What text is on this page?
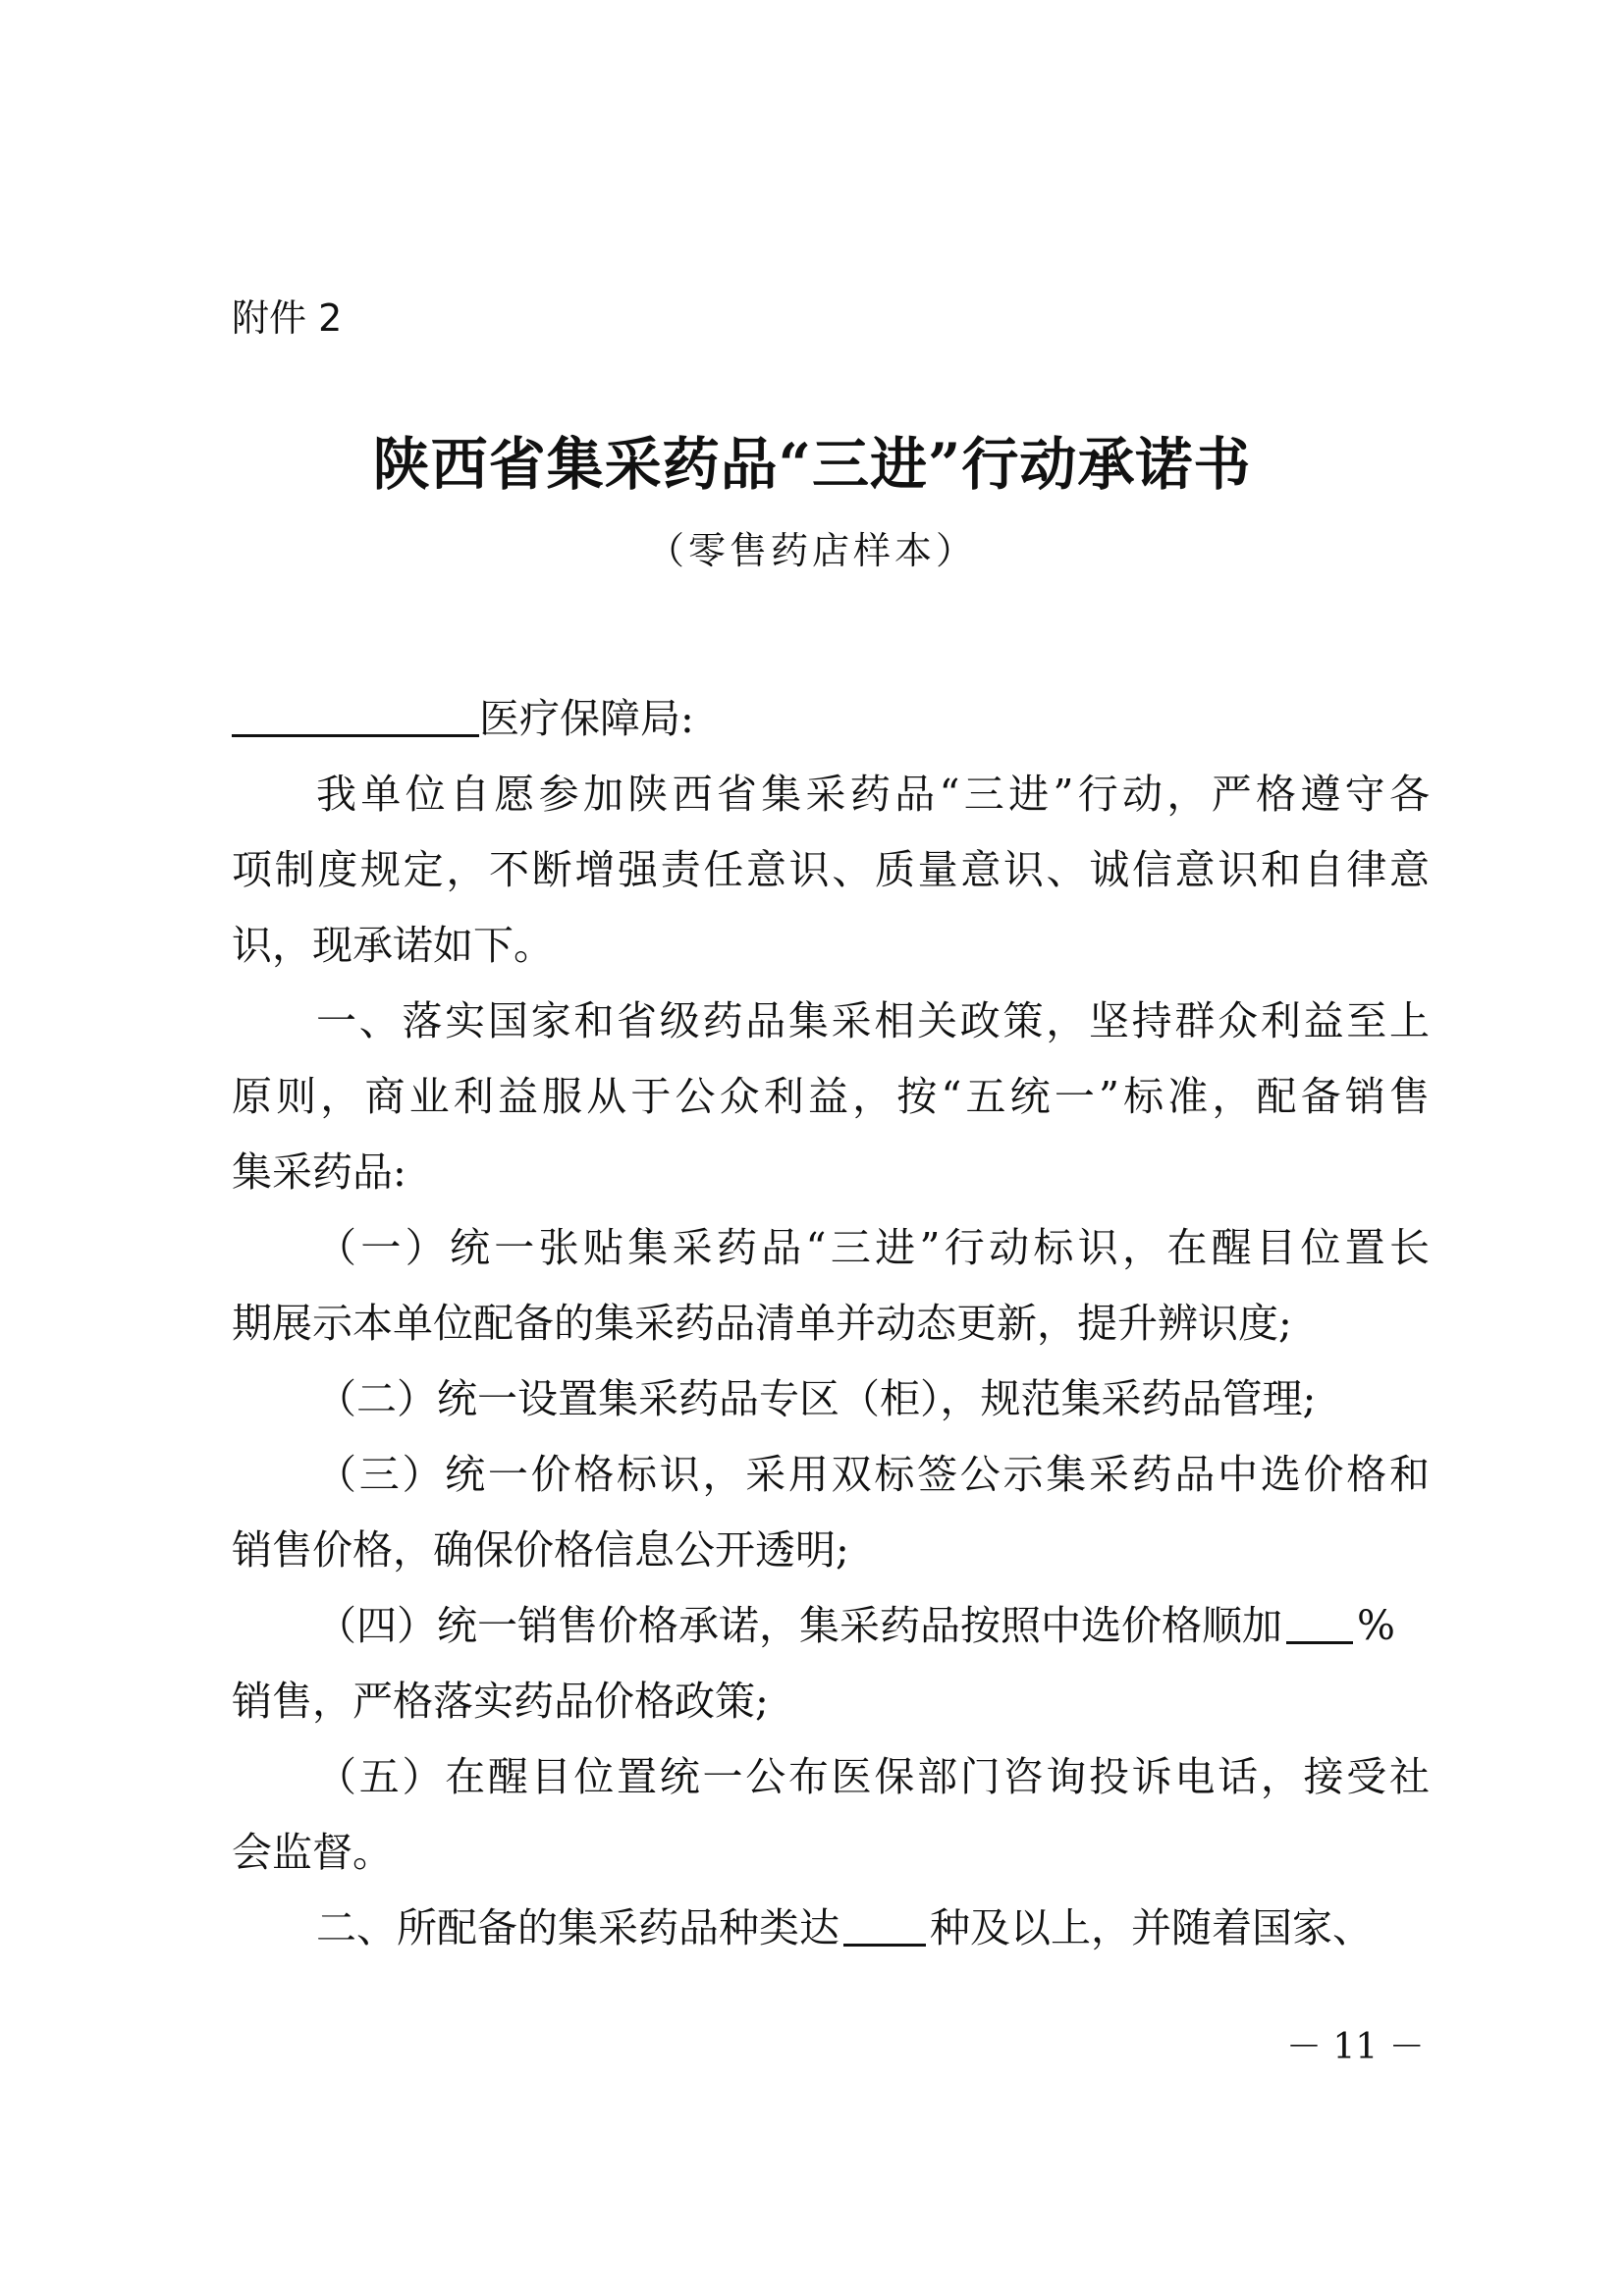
附件 2
陕西省集采药品“三进”行动承诺书
（零售药店样本）
医疗保障局:
我单位自愿参加陕西省集采药品“三进”行动，严格遵守各
项制度规定，不断增强责任意识、质量意识、诚信意识和自律意
识，现承诺如下。
一、落实国家和省级药品集采相关政策，坚持群众利益至上
原则，商业利益服从于公众利益，按“五统一”标准，配备销售
集采药品:
（一）统一张贴集采药品“三进”行动标识，在醒目位置长
期展示本单位配备的集采药品清单并动态更新，提升辨识度;
（二）统一设置集采药品专区（柜），规范集采药品管理;
（三）统一价格标识，采用双标签公示集采药品中选价格和
销售价格，确保价格信息公开透明;
（四）统一销售价格承诺，集采药品按照中选价格顺加 %
销售，严格落实药品价格政策;
（五）在醒目位置统一公布医保部门咨询投诉电话，接受社
会监督。
二、所配备的集采药品种类达 种及以上，并随着国家、
－ 11 －
